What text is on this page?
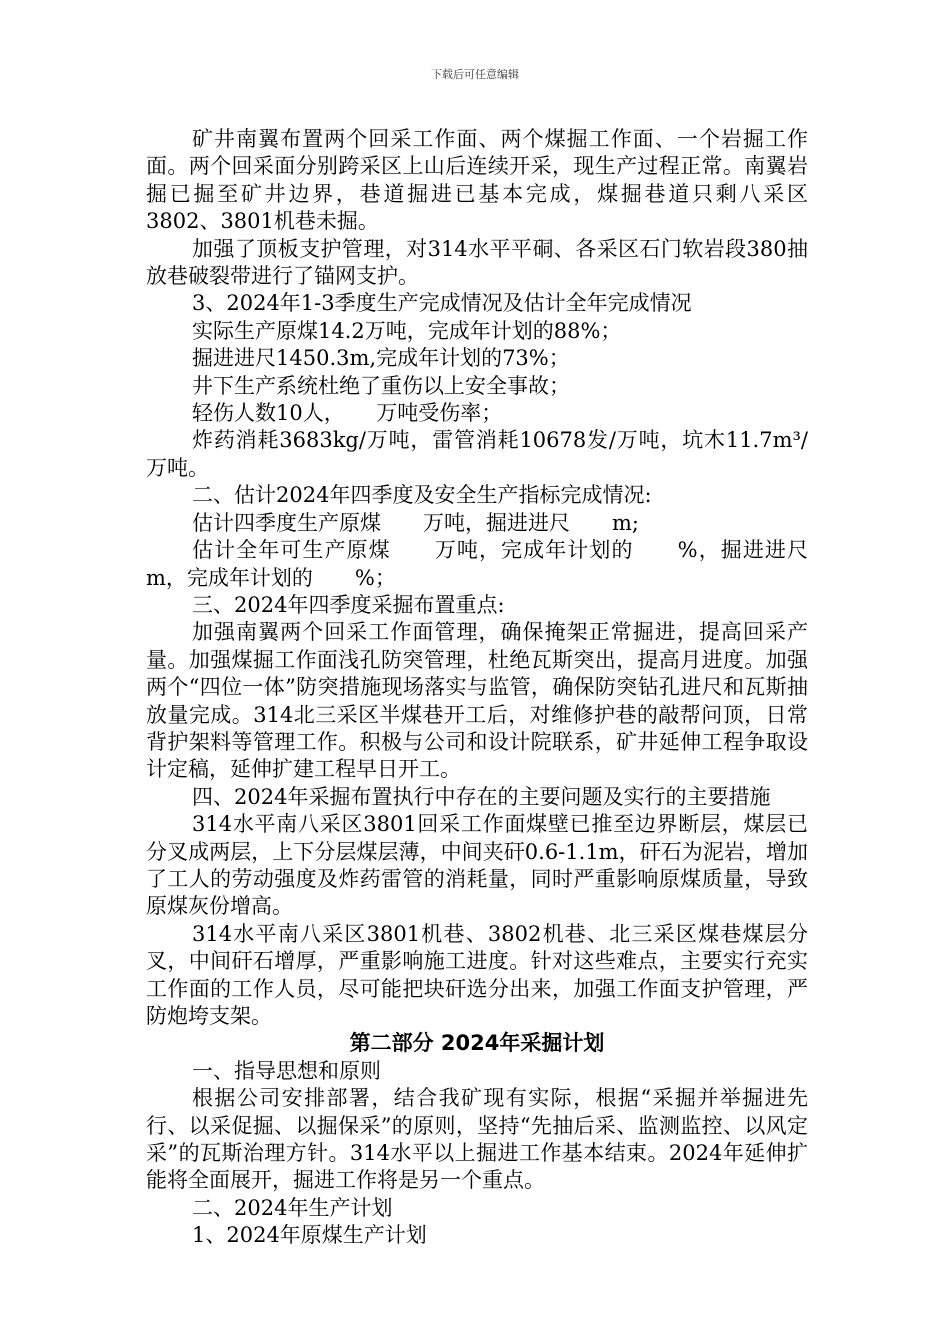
下载后可任意编辑

矿井南翼布置两个回采工作面、两个煤掘工作面、一个岩掘工作面。两个回采面分别跨采区上山后连续开采，现生产过程正常。南翼岩掘已掘至矿井边界，巷道掘进已基本完成，煤掘巷道只剩八采区3802、3801机巷未掘。

加强了顶板支护管理，对314水平平硐、各采区石门软岩段380抽放巷破裂带进行了锚网支护。

3、2024年1-3季度生产完成情况及估计全年完成情况

实际生产原煤14.2万吨，完成年计划的88%；

掘进进尺1450.3m,完成年计划的73%；

井下生产系统杜绝了重伤以上安全事故；

轻伤人数10人，　　万吨受伤率；

炸药消耗3683kg/万吨，雷管消耗10678发/万吨，坑木11.7m³/万吨。

二、估计2024年四季度及安全生产指标完成情况:

估计四季度生产原煤　　万吨，掘进进尺　　m;

估计全年可生产原煤　　万吨，完成年计划的　　%，掘进进尺　　m，完成年计划的　　%；

三、2024年四季度采掘布置重点:

加强南翼两个回采工作面管理，确保掩架正常掘进，提高回采产量。加强煤掘工作面浅孔防突管理，杜绝瓦斯突出，提高月进度。加强两个“四位一体”防突措施现场落实与监管，确保防突钻孔进尺和瓦斯抽放量完成。314北三采区半煤巷开工后，对维修护巷的敲帮问顶，日常背护架料等管理工作。积极与公司和设计院联系，矿井延伸工程争取设计定稿，延伸扩建工程早日开工。

四、2024年采掘布置执行中存在的主要问题及实行的主要措施

314水平南八采区3801回采工作面煤壁已推至边界断层，煤层已分叉成两层，上下分层煤层薄，中间夹矸0.6-1.1m，矸石为泥岩，增加了工人的劳动强度及炸药雷管的消耗量，同时严重影响原煤质量，导致原煤灰份增高。

314水平南八采区3801机巷、3802机巷、北三采区煤巷煤层分叉，中间矸石增厚，严重影响施工进度。针对这些难点，主要实行充实工作面的工作人员，尽可能把块矸选分出来，加强工作面支护管理，严防炮垮支架。

第二部分 2024年采掘计划

一、指导思想和原则

根据公司安排部署，结合我矿现有实际，根据“采掘并举掘进先行、以采促掘、以掘保采”的原则，坚持“先抽后采、监测监控、以风定采”的瓦斯治理方针。314水平以上掘进工作基本结束。2024年延伸扩能将全面展开，掘进工作将是另一个重点。

二、2024年生产计划

1、2024年原煤生产计划
